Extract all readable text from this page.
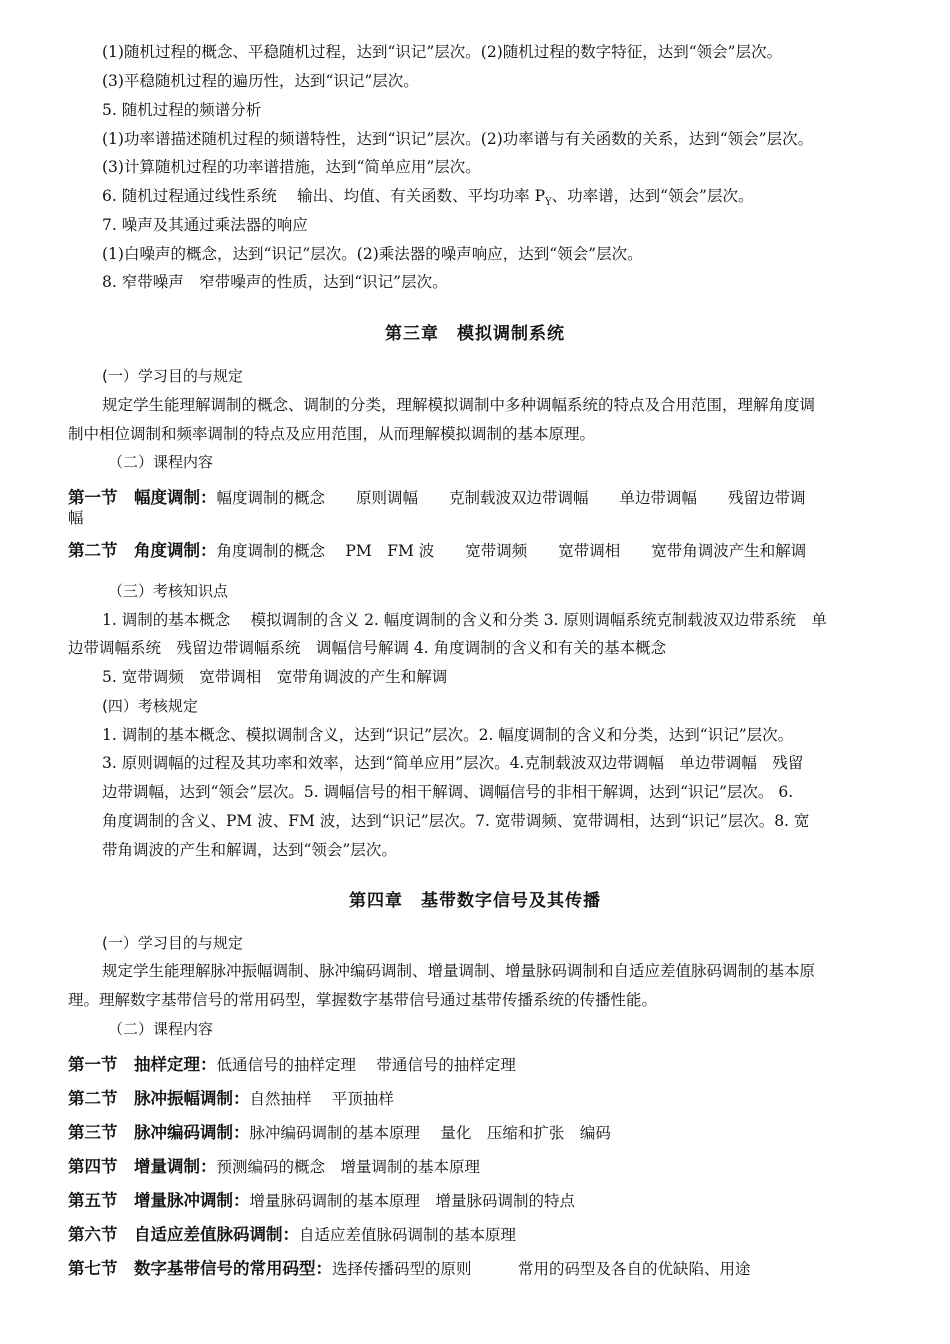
(1)随机过程的概念、平稳随机过程，达到“识记”层次。(2)随机过程的数字特征，达到“领会”层次。
(3)平稳随机过程的遍历性，达到“识记”层次。
5. 随机过程的频谱分析
(1)功率谱描述随机过程的频谱特性，达到“识记”层次。(2)功率谱与有关函数的关系，达到“领会”层次。
(3)计算随机过程的功率谱措施，达到“简单应用”层次。
6. 随机过程通过线性系统　 输出、均值、有关函数、平均功率 $P_Y$、功率谱，达到“领会”层次。
7. 噪声及其通过乘法器的响应
(1)白噪声的概念，达到“识记”层次。(2)乘法器的噪声响应，达到“领会”层次。
8. 窄带噪声　窄带噪声的性质，达到“识记”层次。
第三章　模拟调制系统
(一）学习目的与规定
规定学生能理解调制的概念、调制的分类，理解模拟调制中多种调幅系统的特点及合用范围，理解角度调
制中相位调制和频率调制的特点及应用范围，从而理解模拟调制的基本原理。
（二）课程内容
第一节　幅度调制：幅度调制的概念　　原则调幅　　克制载波双边带调幅　　单边带调幅　　残留边带调
幅
第二节　角度调制：角度调制的概念　 PM　FM 波　　宽带调频　　宽带调相　　宽带角调波产生和解调
（三）考核知识点
1. 调制的基本概念　 模拟调制的含义 2. 幅度调制的含义和分类 3. 原则调幅系统克制载波双边带系统　单
边带调幅系统　残留边带调幅系统　调幅信号解调 4. 角度调制的含义和有关的基本概念
5. 宽带调频　宽带调相　宽带角调波的产生和解调
(四）考核规定
1. 调制的基本概念、模拟调制含义，达到“识记”层次。2. 幅度调制的含义和分类，达到“识记”层次。
3. 原则调幅的过程及其功率和效率，达到“简单应用”层次。4.克制载波双边带调幅　单边带调幅　残留
边带调幅，达到“领会”层次。5. 调幅信号的相干解调、调幅信号的非相干解调，达到“识记”层次。 6.
角度调制的含义、PM 波、FM 波，达到“识记”层次。7. 宽带调频、宽带调相，达到“识记”层次。8. 宽
带角调波的产生和解调，达到“领会”层次。
第四章　基带数字信号及其传播
(一）学习目的与规定
规定学生能理解脉冲振幅调制、脉冲编码调制、增量调制、增量脉码调制和自适应差值脉码调制的基本原
理。理解数字基带信号的常用码型，掌握数字基带信号通过基带传播系统的传播性能。
（二）课程内容
第一节　抽样定理：低通信号的抽样定理　 带通信号的抽样定理
第二节　脉冲振幅调制：自然抽样　 平顶抽样
第三节　脉冲编码调制：脉冲编码调制的基本原理　 量化　压缩和扩张　编码
第四节　增量调制：预测编码的概念　增量调制的基本原理
第五节　增量脉冲调制：增量脉码调制的基本原理　增量脉码调制的特点
第六节　自适应差值脉码调制：自适应差值脉码调制的基本原理
第七节　数字基带信号的常用码型：选择传播码型的原则　　　常用的码型及各自的优缺陷、用途
